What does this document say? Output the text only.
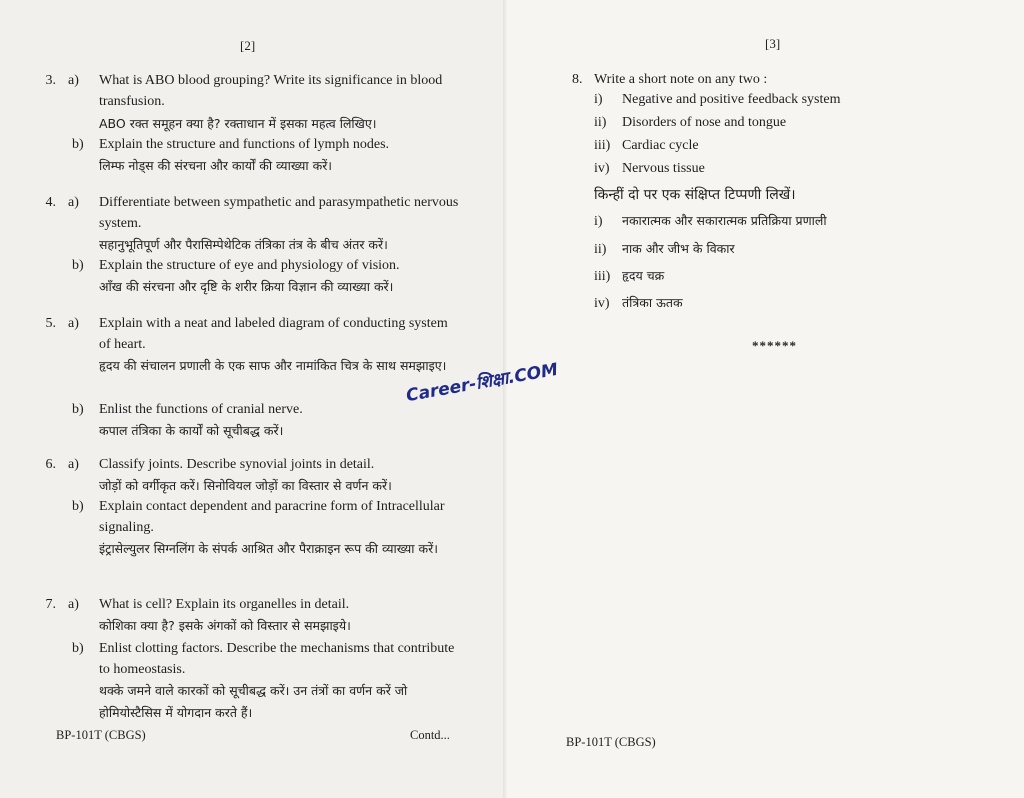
[2]
3. a) What is ABO blood grouping? Write its significance in blood transfusion.
ABO रक्त समूहन क्या है? रक्ताधान में इसका महत्व लिखिए।
b) Explain the structure and functions of lymph nodes.
लिम्फ नोड्स की संरचना और कार्यों की व्याख्या करें।
4. a) Differentiate between sympathetic and parasympathetic nervous system.
सहानुभूतिपूर्ण और पैरासिम्पेथेटिक तंत्रिका तंत्र के बीच अंतर करें।
b) Explain the structure of eye and physiology of vision.
आँख की संरचना और दृष्टि के शरीर क्रिया विज्ञान की व्याख्या करें।
5. a) Explain with a neat and labeled diagram of conducting system of heart.
हृदय की संचालन प्रणाली के एक साफ और नामांकित चित्र के साथ समझाइए।
b) Enlist the functions of cranial nerve.
कपाल तंत्रिका के कार्यों को सूचीबद्ध करें।
6. a) Classify joints. Describe synovial joints in detail.
जोड़ों को वर्गीकृत करें। सिनोवियल जोड़ों का विस्तार से वर्णन करें।
b) Explain contact dependent and paracrine form of Intracellular signaling.
इंट्रासेल्युलर सिग्नलिंग के संपर्क आश्रित और पैराक्राइन रूप की व्याख्या करें।
7. a) What is cell? Explain its organelles in detail.
कोशिका क्या है? इसके अंगकों को विस्तार से समझाइये।
b) Enlist clotting factors. Describe the mechanisms that contribute to homeostasis.
थक्के जमने वाले कारकों को सूचीबद्ध करें। उन तंत्रों का वर्णन करें जो होमियोस्टैसिस में योगदान करते हैं।
BP-101T (CBGS)	Contd...
[3]
8. Write a short note on any two :
i) Negative and positive feedback system
ii) Disorders of nose and tongue
iii) Cardiac cycle
iv) Nervous tissue
किन्हीं दो पर एक संक्षिप्त टिप्पणी लिखें।
i) नकारात्मक और सकारात्मक प्रतिक्रिया प्रणाली
ii) नाक और जीभ के विकार
iii) हृदय चक्र
iv) तंत्रिका ऊतक
******
BP-101T (CBGS)
Career-शिक्षा.COM
